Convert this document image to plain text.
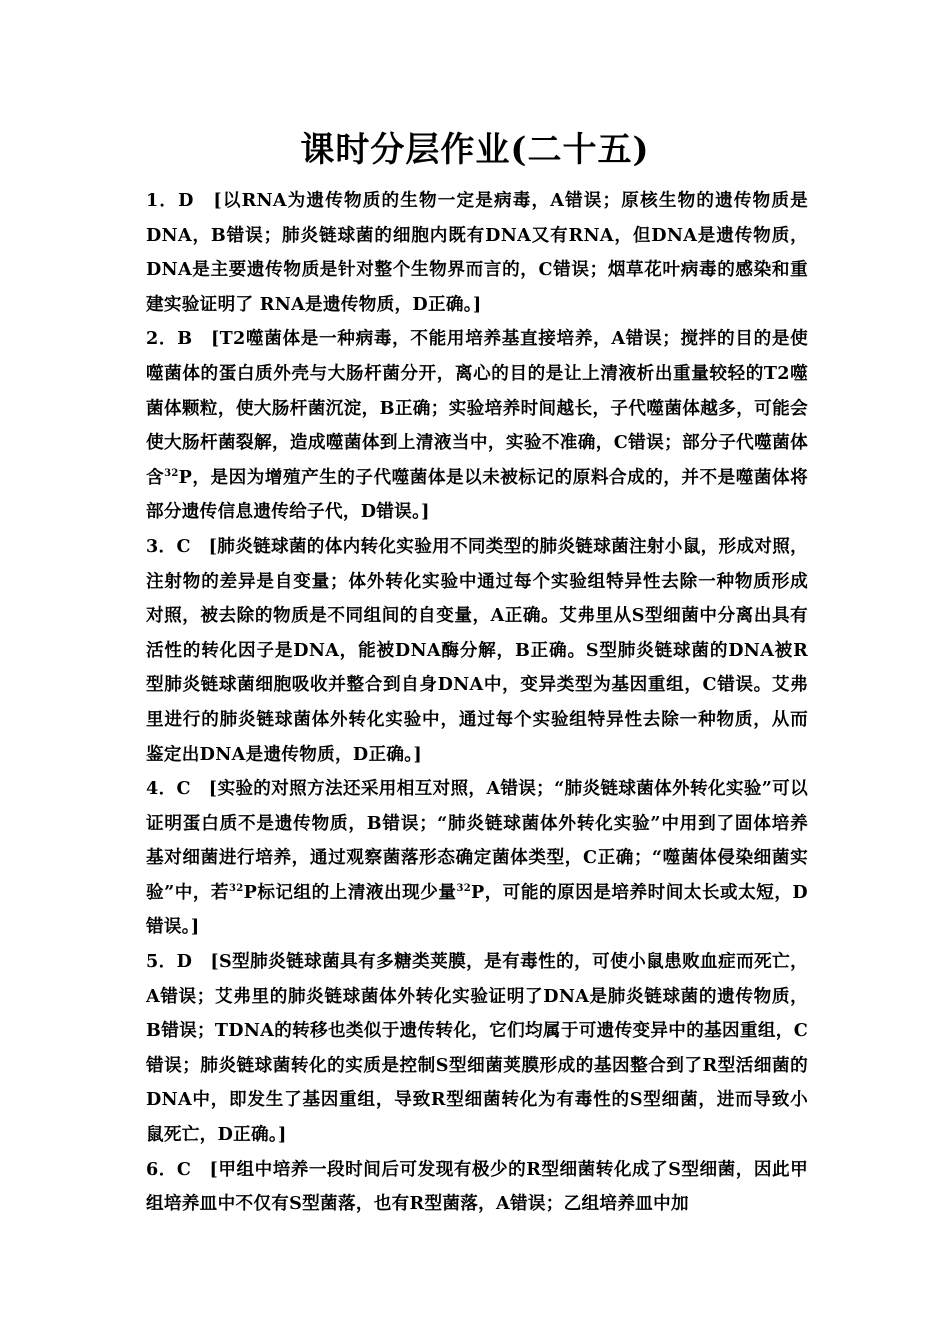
课时分层作业(二十五)

1．D　[以RNA为遗传物质的生物一定是病毒，A错误；原核生物的遗传物质是DNA，B错误；肺炎链球菌的细胞内既有DNA又有RNA，但DNA是遗传物质，DNA是主要遗传物质是针对整个生物界而言的，C错误；烟草花叶病毒的感染和重建实验证明了 RNA是遗传物质，D正确。]

2．B　[T2噬菌体是一种病毒，不能用培养基直接培养，A错误；搅拌的目的是使噬菌体的蛋白质外壳与大肠杆菌分开，离心的目的是让上清液析出重量较轻的T2噬菌体颗粒，使大肠杆菌沉淀，B正确；实验培养时间越长，子代噬菌体越多，可能会使大肠杆菌裂解，造成噬菌体到上清液当中，实验不准确，C错误；部分子代噬菌体含$^{32}$P，是因为增殖产生的子代噬菌体是以未被标记的原料合成的，并不是噬菌体将部分遗传信息遗传给子代，D错误。]

3．C　[肺炎链球菌的体内转化实验用不同类型的肺炎链球菌注射小鼠，形成对照，注射物的差异是自变量；体外转化实验中通过每个实验组特异性去除一种物质形成对照，被去除的物质是不同组间的自变量，A正确。艾弗里从S型细菌中分离出具有活性的转化因子是DNA，能被DNA酶分解，B正确。S型肺炎链球菌的DNA被R型肺炎链球菌细胞吸收并整合到自身DNA中，变异类型为基因重组，C错误。艾弗里进行的肺炎链球菌体外转化实验中，通过每个实验组特异性去除一种物质，从而鉴定出DNA是遗传物质，D正确。]

4．C　[实验的对照方法还采用相互对照，A错误；“肺炎链球菌体外转化实验”可以证明蛋白质不是遗传物质，B错误；“肺炎链球菌体外转化实验”中用到了固体培养基对细菌进行培养，通过观察菌落形态确定菌体类型，C正确；“噬菌体侵染细菌实验”中，若$^{32}$P标记组的上清液出现少量$^{32}$P，可能的原因是培养时间太长或太短，D错误。]

5．D　[S型肺炎链球菌具有多糖类荚膜，是有毒性的，可使小鼠患败血症而死亡，A错误；艾弗里的肺炎链球菌体外转化实验证明了DNA是肺炎链球菌的遗传物质，B错误；TDNA的转移也类似于遗传转化，它们均属于可遗传变异中的基因重组，C错误；肺炎链球菌转化的实质是控制S型细菌荚膜形成的基因整合到了R型活细菌的DNA中，即发生了基因重组，导致R型细菌转化为有毒性的S型细菌，进而导致小鼠死亡，D正确。]

6．C　[甲组中培养一段时间后可发现有极少的R型细菌转化成了S型细菌，因此甲组培养皿中不仅有S型菌落，也有R型菌落，A错误；乙组培养皿中加
